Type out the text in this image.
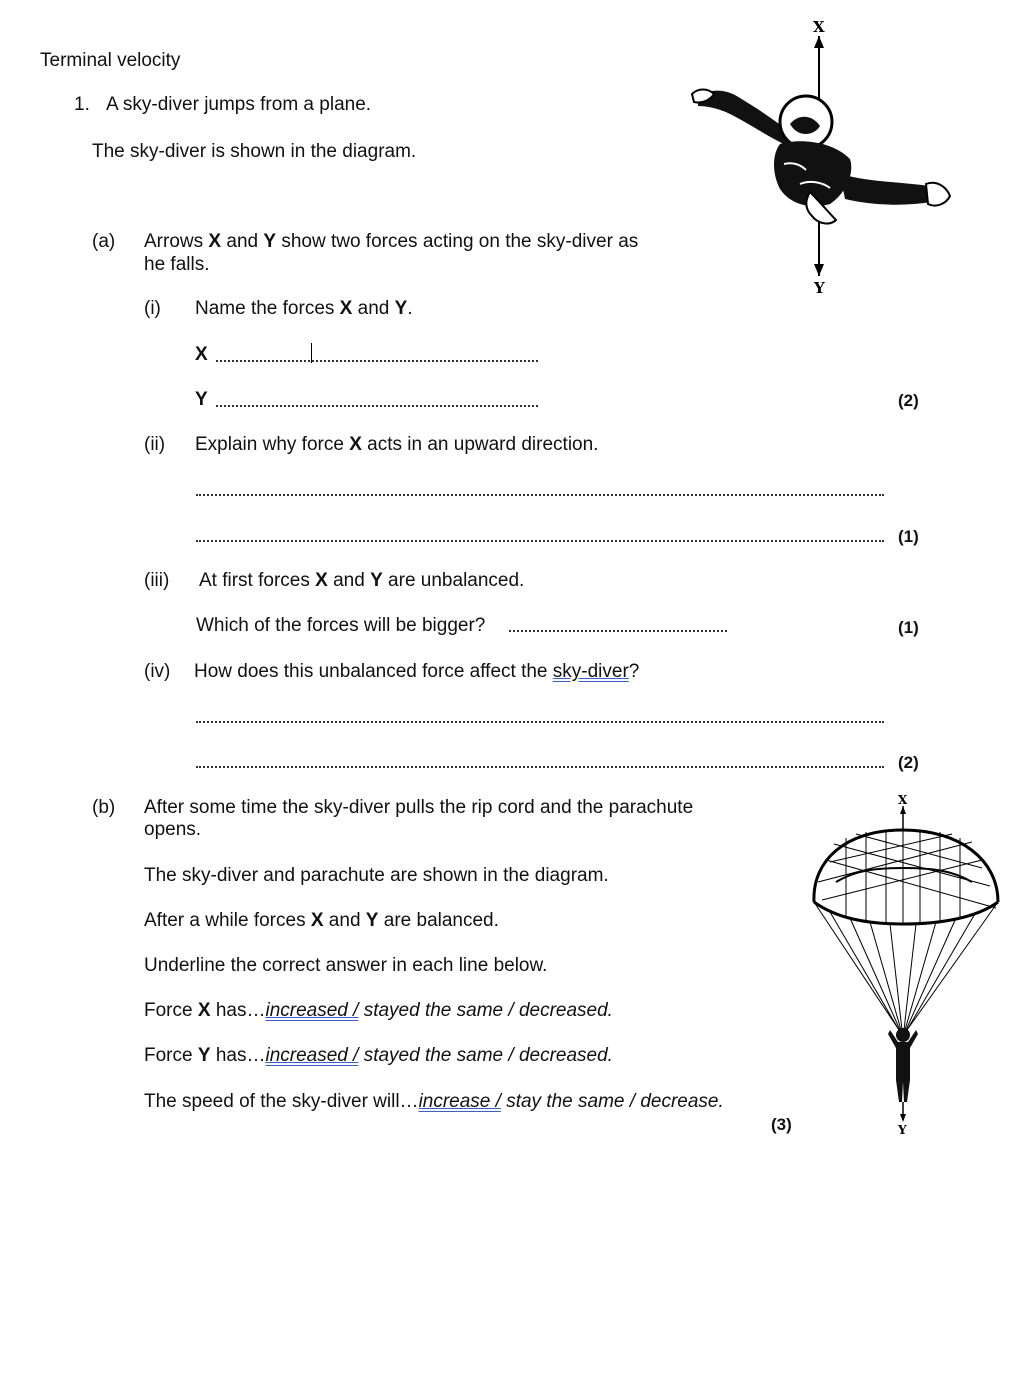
Terminal velocity
1. A sky-diver jumps from a plane.
The sky-diver is shown in the diagram.
X
Y
(a) Arrows X and Y show two forces acting on the sky-diver as
he falls.
(i) Name the forces X and Y.
X
Y	(2)
(ii) Explain why force X acts in an upward direction.
(1)
(iii) At first forces X and Y are unbalanced.
Which of the forces will be bigger?	(1)
(iv) How does this unbalanced force affect the sky-diver?
(2)
(b) After some time the sky-diver pulls the rip cord and the parachute
opens.
The sky-diver and parachute are shown in the diagram.
After a while forces X and Y are balanced.
Underline the correct answer in each line below.
Force X has…increased / stayed the same / decreased.
Force Y has…increased / stayed the same / decreased.
The speed of the sky-diver will…increase / stay the same / decrease.
(3)
X
Y
